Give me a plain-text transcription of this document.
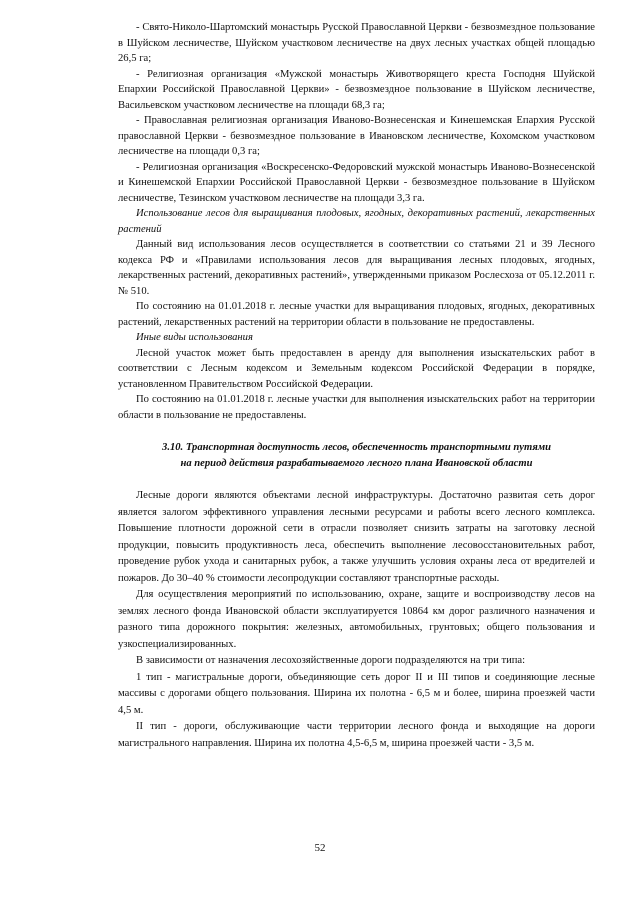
- Свято-Николо-Шартомский монастырь Русской Православной Церкви - безвозмездное пользование в Шуйском лесничестве, Шуйском участковом лесничестве на двух лесных участках общей площадью 26,5 га;

- Религиозная организация «Мужской монастырь Животворящего креста Господня Шуйской Епархии Российской Православной Церкви» - безвозмездное пользование в Шуйском лесничестве, Васильевском участковом лесничестве на площади 68,3 га;

- Православная религиозная организация Иваново-Вознесенская и Кинешемская Епархия Русской православной Церкви - безвозмездное пользование в Ивановском лесничестве, Кохомском участковом лесничестве на площади 0,3 га;

- Религиозная организация «Воскресенско-Федоровский мужской монастырь Иваново-Вознесенской и Кинешемской Епархии Российской Православной Церкви - безвозмездное пользование в Шуйском лесничестве, Тезинском участковом лесничестве на площади 3,3 га.

Использование лесов для выращивания плодовых, ягодных, декоративных растений, лекарственных растений

Данный вид использования лесов осуществляется в соответствии со статьями 21 и 39 Лесного кодекса РФ и «Правилами использования лесов для выращивания лесных плодовых, ягодных, лекарственных растений, декоративных растений», утвержденными приказом Рослесхоза от 05.12.2011 г. № 510.

По состоянию на 01.01.2018 г. лесные участки для выращивания плодовых, ягодных, декоративных растений, лекарственных растений на территории области в пользование не предоставлены.

Иные виды использования

Лесной участок может быть предоставлен в аренду для выполнения изыскательских работ в соответствии с Лесным кодексом и Земельным кодексом Российской Федерации в порядке, установленном Правительством Российской Федерации.

По состоянию на 01.01.2018 г. лесные участки для выполнения изыскательских работ на территории области в пользование не предоставлены.

3.10. Транспортная доступность лесов, обеспеченность транспортными путями
на период действия разрабатываемого лесного плана Ивановской области

Лесные дороги являются объектами лесной инфраструктуры. Достаточно развитая сеть дорог является залогом эффективного управления лесными ресурсами и работы всего лесного комплекса. Повышение плотности дорожной сети в отрасли позволяет снизить затраты на заготовку лесной продукции, повысить продуктивность леса, обеспечить выполнение лесовосстановительных работ, проведение рубок ухода и санитарных рубок, а также улучшить условия охраны леса от вредителей и пожаров. До 30–40 % стоимости лесопродукции составляют транспортные расходы.

Для осуществления мероприятий по использованию, охране, защите и воспроизводству лесов на землях лесного фонда Ивановской области эксплуатируется 10864 км дорог различного назначения и разного типа дорожного покрытия: железных, автомобильных, грунтовых; общего пользования и узкоспециализированных.

В зависимости от назначения лесохозяйственные дороги подразделяются на три типа:

1 тип - магистральные дороги, объединяющие сеть дорог II и III типов и соединяющие лесные массивы с дорогами общего пользования. Ширина их полотна - 6,5 м и более, ширина проезжей части 4,5 м.

II тип - дороги, обслуживающие части территории лесного фонда и выходящие на дороги магистрального направления. Ширина их полотна 4,5-6,5 м, ширина проезжей части - 3,5 м.

52
